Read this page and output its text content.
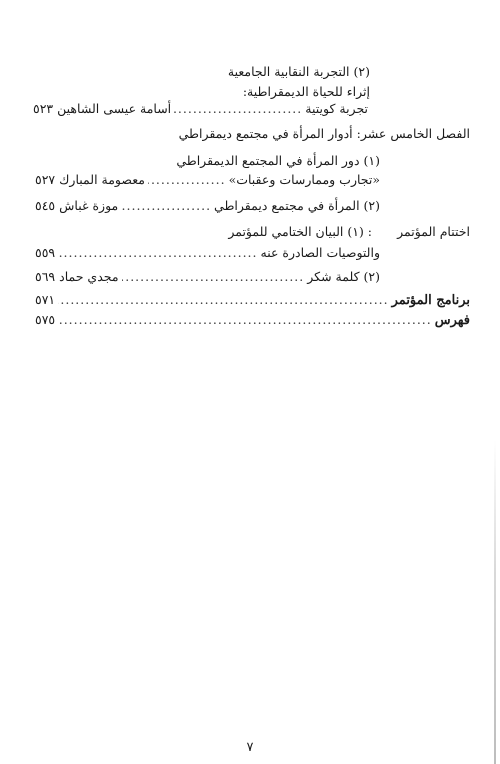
(٢) التجربة النقابية الجامعية
إثراء للحياة الديمقراطية:
تجربة كويتية
.....
أسامة عيسى الشاهين ٥٢٣
الفصل الخامس عشر: أدوار المرأة في مجتمع ديمقراطي
(١) دور المرأة في المجتمع الديمقراطي
«تجارب وممارسات وعقبات»
.....
معصومة المبارك ٥٢٧
(٢) المرأة في مجتمع ديمقراطي
.....
موزة غباش ٥٤٥
اختتام المؤتمر
: (١) البيان الختامي للمؤتمر
والتوصيات الصادرة عنه
.....
٥٥٩
(٢) كلمة شكر
.....
مجدي حماد ٥٦٩
برنامج المؤتمر
.....
٥٧١
فهرس
.....
٥٧٥
٧
